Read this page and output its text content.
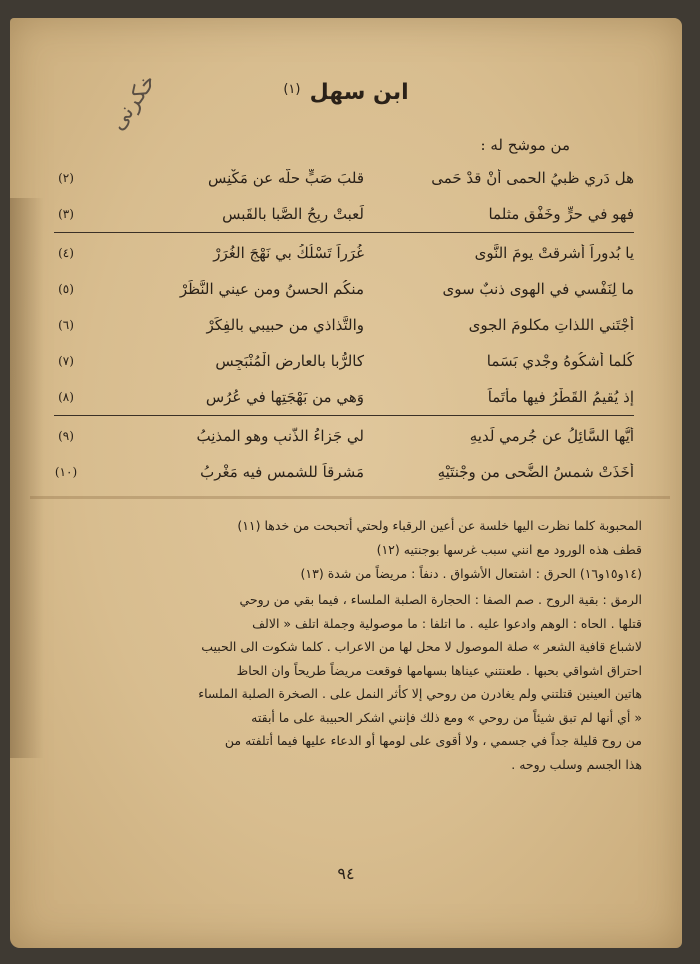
خكرنى	ابن سهل $^{(١)}$
من موشح له :
هل دَري ظبيُ الحمى أنْ قدْ حَمى
قلبَ صَبٍّ حلّه عن مَكْنِسِ
(٢)
فهو في حرٍّ وخَفْقٍ مثلما
لَعبتْ ريحُ الصَّبا بالقَبسِ
(٣)
يا بُدوراً أشرقتْ يومَ النَّوى
غُرَراً تَسْلُكُ بي نَهْجَ الغُرَرْ
(٤)
ما لِنَفْسي في الهوى ذنبٌ سوى
منكُم الحسنُ ومن عيني النَّظَرْ
(٥)
أجْتَني اللذاتِ مكلومَ الجوى
والتَّذاذي من حبيبي بالفِكَرْ
(٦)
كُلما أشكُوهُ وجْدي بَسَما
كالرُّبا بالعارِضِ الْمُنْبَجِسِ
(٧)
إذ يُقيمُ القَطْرُ فيها مأتَماً
وَهي من بَهْجَتِها في عُرُسِ
(٨)
أيُّها السَّائِلُ عن جُرمي لَديهِ
لي جَزاءُ الذَّنبِ وهو المذنِبُ
(٩)
أخَذَتْ شمسُ الضُّحى من وجْنتَيْهِ
مَشرِقاً للشمسِ فيه مَغْرِبُ
(١٠)
المحبوبة كلما نظرت اليها خلسة عن أعين الرقباء ولحتي أتحبحت من خدها (١١)
قطف هذه الورود مع انني سبب غرسها بوجنتيه (١٢)
(١٤و١٥و١٦) الحرق : اشتعال الأشواق . دنفاً : مريضاً من شدة (١٣)
الرمق : بقية الروح . صم الصفا : الحجارة الصلبة الملساء ، فيما بقي من روحي
قتلها . الحاه : الوهم وادعوا عليه . ما اتلفا : ما موصولية وجملة اتلف « الالف
لاشباع قافية الشعر » صلة الموصول لا محل لها من الاعراب . كلما شكوت الى الحبيب
احتراق اشواقي بحبها . طعنتني عيناها بسهامها فوقعت مريضاً طريحاً وان الحاظ
هاتين العينين قتلتني ولم يغادرن من روحي إلا كأثر النمل على . الصخرة الصلبة الملساء
« أي أنها لم تبق شيئاً من روحي » ومع ذلك فإنني اشكر الحبيبة على ما أبقته
من روح قليلة جداً في جسمي ، ولا أقوى على لومها أو الدعاء عليها فيما أتلفته من
هذا الجسم وسلب روحه .
٩٤
